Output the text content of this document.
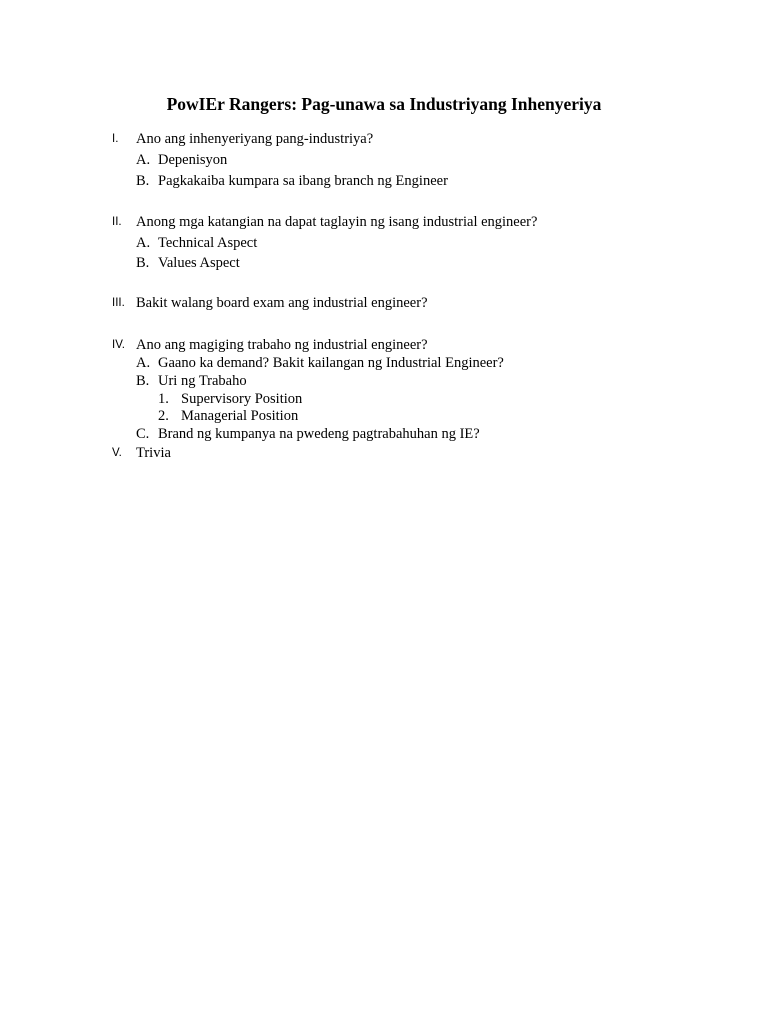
PowIEr Rangers: Pag-unawa sa Industriyang Inhenyeriya
I. Ano ang inhenyeriyang pang-industriya?
A. Depenisyon
B. Pagkakaiba kumpara sa ibang branch ng Engineer
II. Anong mga katangian na dapat taglayin ng isang industrial engineer?
A. Technical Aspect
B. Values Aspect
III. Bakit walang board exam ang industrial engineer?
IV. Ano ang magiging trabaho ng industrial engineer?
A. Gaano ka demand? Bakit kailangan ng Industrial Engineer?
B. Uri ng Trabaho
1. Supervisory Position
2. Managerial Position
C. Brand ng kumpanya na pwedeng pagtrabahuhan ng IE?
V. Trivia
